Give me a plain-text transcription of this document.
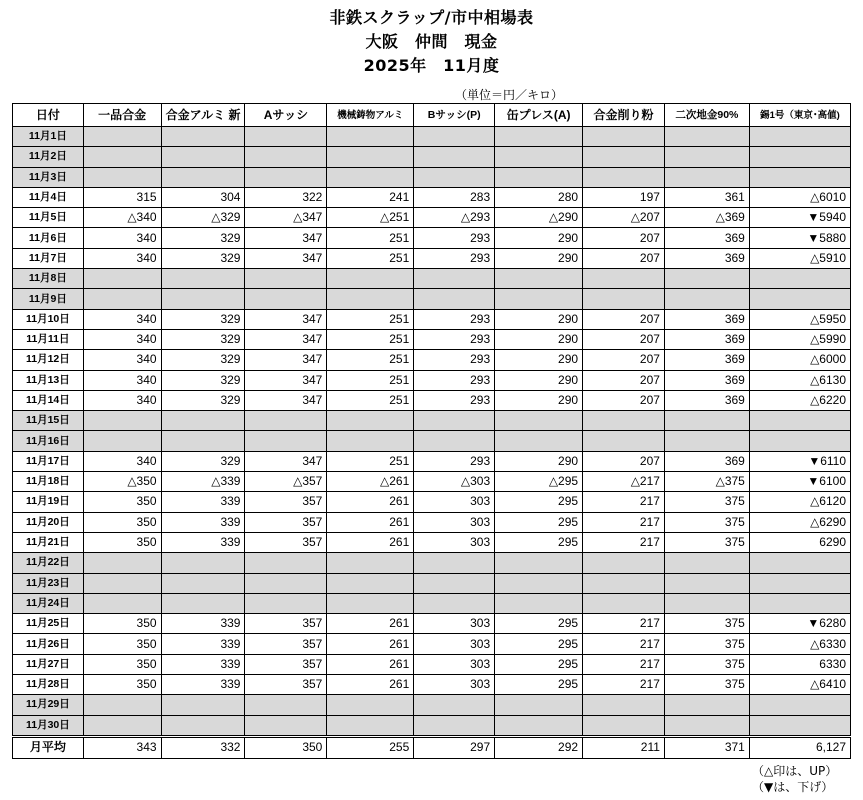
非鉄スクラップ/市中相場表
大阪　仲間　現金
2025年　11月度
（単位＝円／キロ）
日付	一品合金	合金アルミ 新	Aサッシ	機械鋳物アルミ	Bサッシ(P)	缶プレス(A)	合金削り粉	二次地金90%	錫1号（東京･高値)
11月1日									
11月2日									
11月3日									
11月4日	315	304	322	241	283	280	197	361	△6010
11月5日	△340	△329	△347	△251	△293	△290	△207	△369	▼5940
11月6日	340	329	347	251	293	290	207	369	▼5880
11月7日	340	329	347	251	293	290	207	369	△5910
11月8日									
11月9日									
11月10日	340	329	347	251	293	290	207	369	△5950
11月11日	340	329	347	251	293	290	207	369	△5990
11月12日	340	329	347	251	293	290	207	369	△6000
11月13日	340	329	347	251	293	290	207	369	△6130
11月14日	340	329	347	251	293	290	207	369	△6220
11月15日									
11月16日									
11月17日	340	329	347	251	293	290	207	369	▼6110
11月18日	△350	△339	△357	△261	△303	△295	△217	△375	▼6100
11月19日	350	339	357	261	303	295	217	375	△6120
11月20日	350	339	357	261	303	295	217	375	△6290
11月21日	350	339	357	261	303	295	217	375	6290
11月22日									
11月23日									
11月24日									
11月25日	350	339	357	261	303	295	217	375	▼6280
11月26日	350	339	357	261	303	295	217	375	△6330
11月27日	350	339	357	261	303	295	217	375	6330
11月28日	350	339	357	261	303	295	217	375	△6410
11月29日									
11月30日									
月平均	343	332	350	255	297	292	211	371	6,127
（△印は、UP）
（▼は、下げ）
